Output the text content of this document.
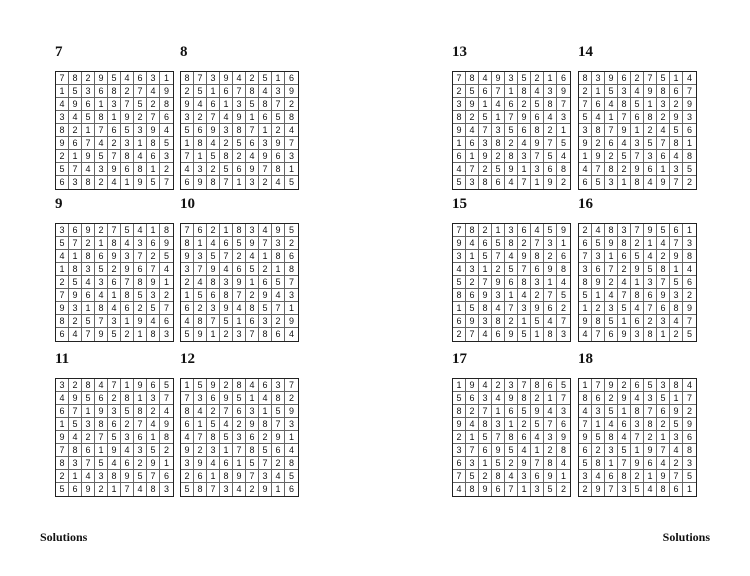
7
7 8 2 9 5 4 6 3 1
1 5 3 6 8 2 7 4 9
4 9 6 1 3 7 5 2 8
3 4 5 8 1 9 2 7 6
8 2 1 7 6 5 3 9 4
9 6 7 4 2 3 1 8 5
2 1 9 5 7 8 4 6 3
5 7 4 3 9 6 8 1 2
6 3 8 2 4 1 9 5 7
8
8 7 3 9 4 2 5 1 6
2 5 1 6 7 8 4 3 9
9 4 6 1 3 5 8 7 2
3 2 7 4 9 1 6 5 8
5 6 9 3 8 7 1 2 4
1 8 4 2 5 6 3 9 7
7 1 5 8 2 4 9 6 3
4 3 2 5 6 9 7 8 1
6 9 8 7 1 3 2 4 5
9
3 6 9 2 7 5 4 1 8
5 7 2 1 8 4 3 6 9
4 1 8 6 9 3 7 2 5
1 8 3 5 2 9 6 7 4
2 5 4 3 6 7 8 9 1
7 9 6 4 1 8 5 3 2
9 3 1 8 4 6 2 5 7
8 2 5 7 3 1 9 4 6
6 4 7 9 5 2 1 8 3
10
7 6 2 1 8 3 4 9 5
8 1 4 6 5 9 7 3 2
9 3 5 7 2 4 1 8 6
3 7 9 4 6 5 2 1 8
2 4 8 3 9 1 6 5 7
1 5 6 8 7 2 9 4 3
6 2 3 9 4 8 5 7 1
4 8 7 5 1 6 3 2 9
5 9 1 2 3 7 8 6 4
11
3 2 8 4 7 1 9 6 5
4 9 5 6 2 8 1 3 7
6 7 1 9 3 5 8 2 4
1 5 3 8 6 2 7 4 9
9 4 2 7 5 3 6 1 8
7 8 6 1 9 4 3 5 2
8 3 7 5 4 6 2 9 1
2 1 4 3 8 9 5 7 6
5 6 9 2 1 7 4 8 3
12
1 5 9 2 8 4 6 3 7
7 3 6 9 5 1 4 8 2
8 4 2 7 6 3 1 5 9
6 1 5 4 2 9 8 7 3
4 7 8 5 3 6 2 9 1
9 2 3 1 7 8 5 6 4
3 9 4 6 1 5 7 2 8
2 6 1 8 9 7 3 4 5
5 8 7 3 4 2 9 1 6
13
7 8 4 9 3 5 2 1 6
2 5 6 7 1 8 4 3 9
3 9 1 4 6 2 5 8 7
8 2 5 1 7 9 6 4 3
9 4 7 3 5 6 8 2 1
1 6 3 8 2 4 9 7 5
6 1 9 2 8 3 7 5 4
4 7 2 5 9 1 3 6 8
5 3 8 6 4 7 1 9 2
14
8 3 9 6 2 7 5 1 4
2 1 5 3 4 9 8 6 7
7 6 4 8 5 1 3 2 9
5 4 1 7 6 8 2 9 3
3 8 7 9 1 2 4 5 6
9 2 6 4 3 5 7 8 1
1 9 2 5 7 3 6 4 8
4 7 8 2 9 6 1 3 5
6 5 3 1 8 4 9 7 2
15
7 8 2 1 3 6 4 5 9
9 4 6 5 8 2 7 3 1
3 1 5 7 4 9 8 2 6
4 3 1 2 5 7 6 9 8
5 2 7 9 6 8 3 1 4
8 6 9 3 1 4 2 7 5
1 5 8 4 7 3 9 6 2
6 9 3 8 2 1 5 4 7
2 7 4 6 9 5 1 8 3
16
2 4 8 3 7 9 5 6 1
6 5 9 8 2 1 4 7 3
7 3 1 6 5 4 2 9 8
3 6 7 2 9 5 8 1 4
8 9 2 4 1 3 7 5 6
5 1 4 7 8 6 9 3 2
1 2 3 5 4 7 6 8 9
9 8 5 1 6 2 3 4 7
4 7 6 9 3 8 1 2 5
17
1 9 4 2 3 7 8 6 5
5 6 3 4 9 8 2 1 7
8 2 7 1 6 5 9 4 3
9 4 8 3 1 2 5 7 6
2 1 5 7 8 6 4 3 9
3 7 6 9 5 4 1 2 8
6 3 1 5 2 9 7 8 4
7 5 2 8 4 3 6 9 1
4 8 9 6 7 1 3 5 2
18
1 7 9 2 6 5 3 8 4
8 6 2 9 4 3 5 1 7
4 3 5 1 8 7 6 9 2
7 1 4 6 3 8 2 5 9
9 5 8 4 7 2 1 3 6
6 2 3 5 1 9 7 4 8
5 8 1 7 9 6 4 2 3
3 4 6 8 2 1 9 7 5
2 9 7 3 5 4 8 6 1
Solutions	Solutions
